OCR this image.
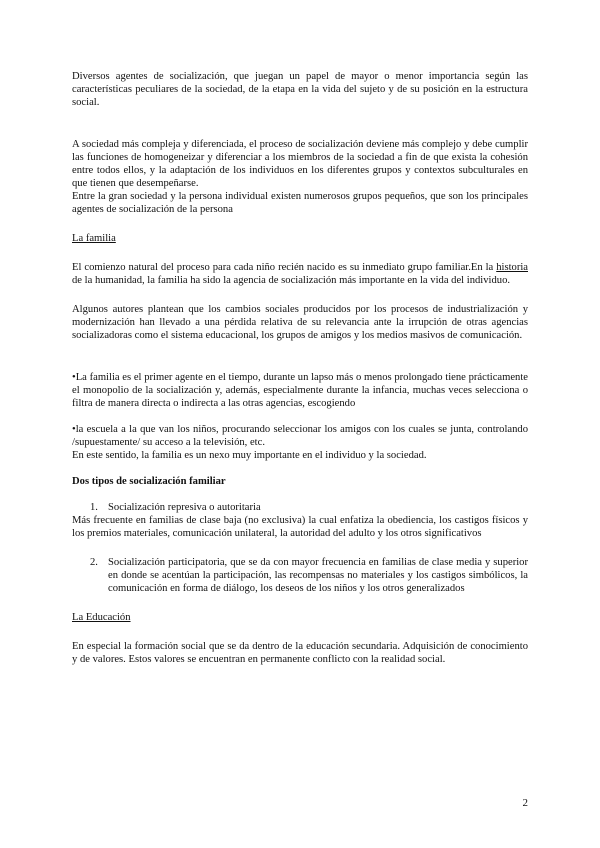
Diversos agentes de socialización, que juegan un papel de mayor o menor importancia según las características peculiares de la sociedad, de la etapa en la vida del sujeto y de su posición en la estructura social.

A sociedad más compleja y diferenciada, el proceso de socialización deviene más complejo y debe cumplir las funciones de homogeneizar y diferenciar a los miembros de la sociedad a fin de que exista la cohesión entre todos ellos, y la adaptación de los individuos en los diferentes grupos y contextos subculturales en que tienen que desempeñarse.

Entre la gran sociedad y la persona individual existen numerosos grupos pequeños, que son los principales agentes de socialización de la persona

La familia

El comienzo natural del proceso para cada niño recién nacido es su inmediato grupo familiar.En la historia de la humanidad, la familia ha sido la agencia de socialización más importante en la vida del individuo.

Algunos autores plantean que los cambios sociales producidos por los procesos de industrialización y modernización han llevado a una pérdida relativa de su relevancia ante la irrupción de otras agencias socializadoras como el sistema educacional, los grupos de amigos y los medios masivos de comunicación.

•La familia es el primer agente en el tiempo, durante un lapso más o menos prolongado tiene prácticamente el monopolio de la socialización y, además, especialmente durante la infancia, muchas veces selecciona o filtra de manera directa o indirecta a las otras agencias, escogiendo

•la escuela a la que van los niños, procurando seleccionar los amigos con los cuales se junta, controlando /supuestamente/ su acceso a la televisión, etc.

En este sentido, la familia es un nexo muy importante en el individuo y la sociedad.

Dos tipos de socialización familiar

1. Socialización represiva o autoritaria

Más frecuente en familias de clase baja (no exclusiva) la cual enfatiza la obediencia, los castigos físicos y los premios materiales, comunicación unilateral, la autoridad del adulto y los otros significativos

2. Socialización participatoria, que se da con mayor frecuencia en familias de clase media y superior en donde se acentúan la participación, las recompensas no materiales y los castigos simbólicos, la comunicación en forma de diálogo, los deseos de los niños y los otros generalizados

La Educación

En especial la formación social que se da dentro de la educación secundaria. Adquisición de conocimiento y de valores. Estos valores se encuentran en permanente conflicto con la realidad social.

2
